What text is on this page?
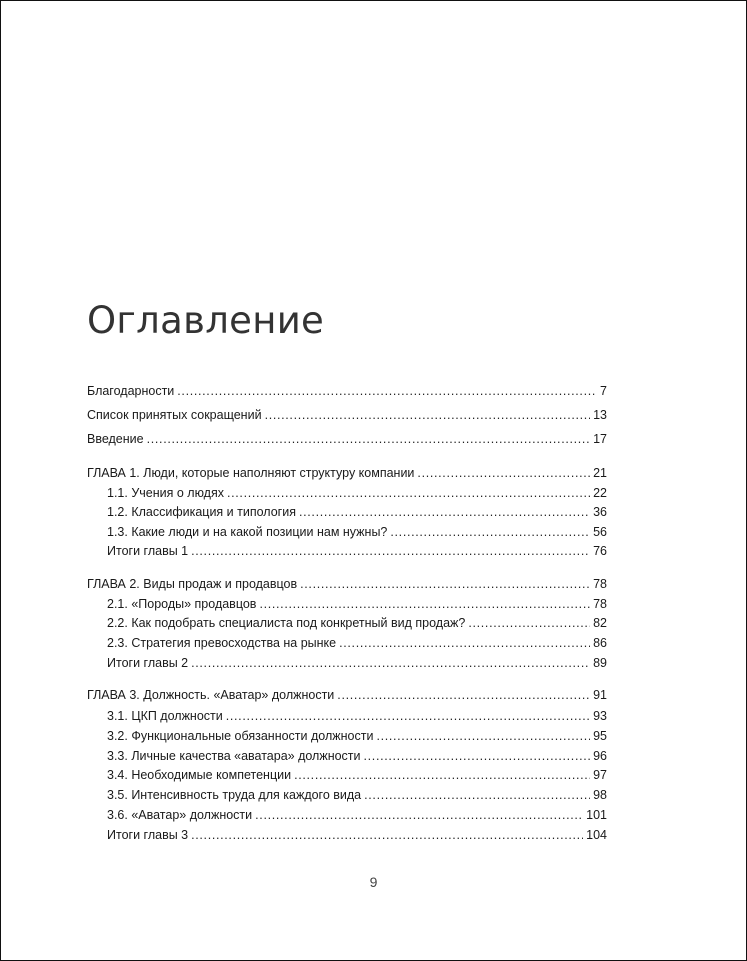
Оглавление
Благодарности . . .	7
Список принятых сокращений . . .	13
Введение . . .	17
ГЛАВА 1. Люди, которые наполняют структуру компании . . .	21
1.1. Учения о людях . . .	22
1.2. Классификация и типология . . .	36
1.3. Какие люди и на какой позиции нам нужны? . . .	56
Итоги главы 1 . . .	76
ГЛАВА 2. Виды продаж и продавцов . . .	78
2.1. «Породы» продавцов . . .	78
2.2. Как подобрать специалиста под конкретный вид продаж? . . .	82
2.3. Стратегия превосходства на рынке . . .	86
Итоги главы 2 . . .	89
ГЛАВА 3. Должность. «Аватар» должности . . .	91
3.1. ЦКП должности . . .	93
3.2. Функциональные обязанности должности . . .	95
3.3. Личные качества «аватара» должности . . .	96
3.4. Необходимые компетенции . . .	97
3.5. Интенсивность труда для каждого вида . . .	98
3.6. «Аватар» должности . . .	101
Итоги главы 3 . . .	104
9
